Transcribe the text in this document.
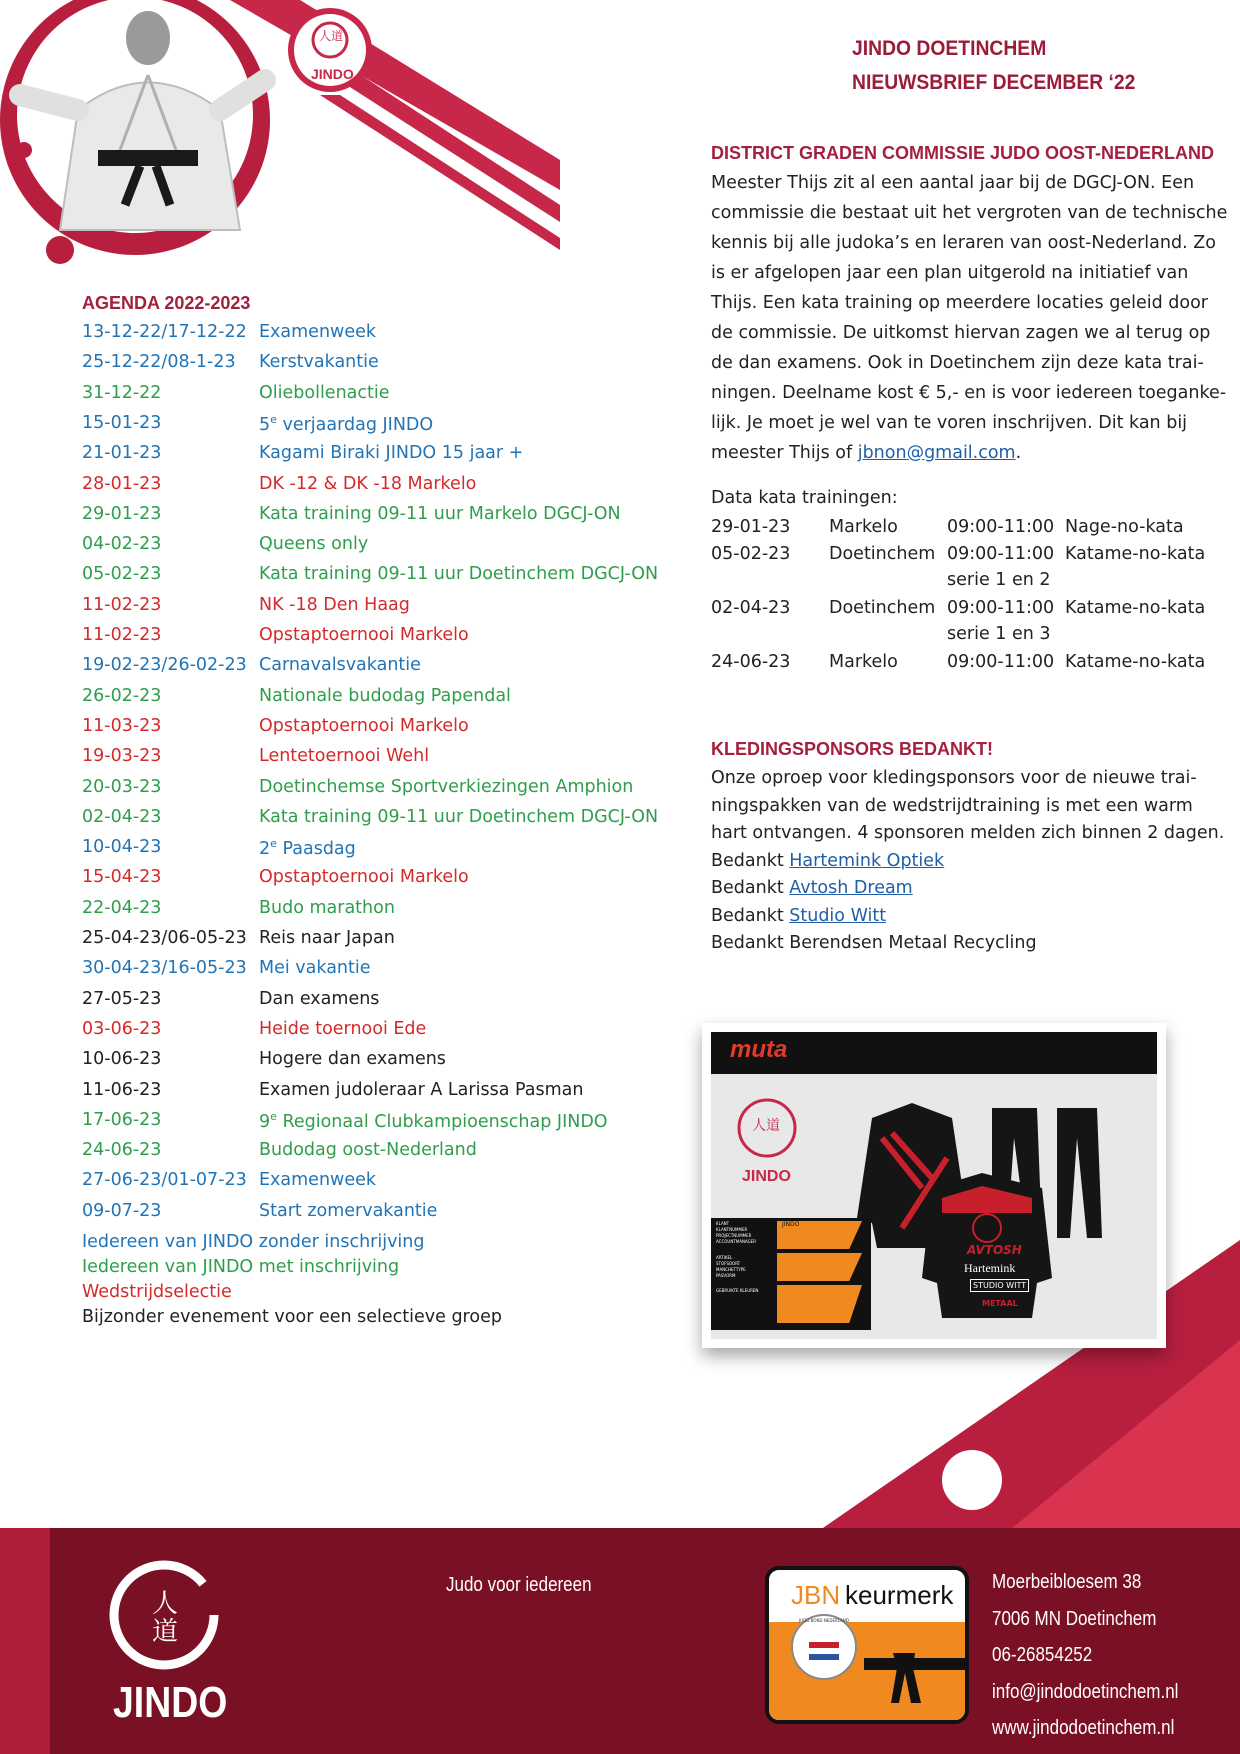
人道
JINDO
JINDO DOETINCHEM
NIEUWSBRIEF DECEMBER ‘22
AGENDA 2022-2023
13-12-22/17-12-22 Examenweek
25-12-22/08-1-23 Kerstvakantie
31-12-22	Oliebollenactie
15-01-23	5e verjaardag JINDO
21-01-23	Kagami Biraki JINDO 15 jaar +
28-01-23	DK -12 & DK -18 Markelo
29-01-23	Kata training 09-11 uur Markelo DGCJ-ON
04-02-23	Queens only
05-02-23	Kata training 09-11 uur Doetinchem DGCJ-ON
11-02-23	NK -18 Den Haag
11-02-23	Opstaptoernooi Markelo
19-02-23/26-02-23 Carnavalsvakantie
26-02-23	Nationale budodag Papendal
11-03-23	Opstaptoernooi Markelo
19-03-23	Lentetoernooi Wehl
20-03-23	Doetinchemse Sportverkiezingen Amphion
02-04-23	Kata training 09-11 uur Doetinchem DGCJ-ON
10-04-23	2e Paasdag
15-04-23	Opstaptoernooi Markelo
22-04-23	Budo marathon
25-04-23/06-05-23 Reis naar Japan
30-04-23/16-05-23 Mei vakantie
27-05-23	Dan examens
03-06-23	Heide toernooi Ede
10-06-23	Hogere dan examens
11-06-23	Examen judoleraar A Larissa Pasman
17-06-23	9e Regionaal Clubkampioenschap JINDO
24-06-23	Budodag oost-Nederland
27-06-23/01-07-23 Examenweek
09-07-23	Start zomervakantie
Iedereen van JINDO zonder inschrijving
Iedereen van JINDO met inschrijving
Wedstrijdselectie
Bijzonder evenement voor een selectieve groep
DISTRICT GRADEN COMMISSIE JUDO OOST-NEDERLAND
Meester Thijs zit al een aantal jaar bij de DGCJ-ON. Een
commissie die bestaat uit het vergroten van de technische
kennis bij alle judoka’s en leraren van oost-Nederland. Zo
is er afgelopen jaar een plan uitgerold na initiatief van
Thijs. Een kata training op meerdere locaties geleid door
de commissie. De uitkomst hiervan zagen we al terug op
de dan examens. Ook in Doetinchem zijn deze kata trai-
ningen. Deelname kost € 5,- en is voor iedereen toeganke-
lijk. Je moet je wel van te voren inschrijven. Dit kan bij
meester Thijs of jbnon@gmail.com.
Data kata trainingen:
29-01-23 Markelo	09:00-11:00 Nage-no-kata
05-02-23 Doetinchem 09:00-11:00 Katame-no-kata
serie 1 en 2
02-04-23 Doetinchem 09:00-11:00 Katame-no-kata
serie 1 en 3
24-06-23 Markelo	09:00-11:00 Katame-no-kata
KLEDINGSPONSORS BEDANKT!
Onze oproep voor kledingsponsors voor de nieuwe trai-
ningspakken van de wedstrijdtraining is met een warm
hart ontvangen. 4 sponsoren melden zich binnen 2 dagen.
Bedankt Hartemink Optiek
Bedankt Avtosh Dream
Bedankt Studio Witt
Bedankt Berendsen Metaal Recycling
muta
人道
JINDO
AVTOSH
Hartemink
STUDIO WITT
METAAL
KLANT
KLANTNUMMER
PROJECTNUMMER
ACCOUNTMANAGER
JINDO
ARTIKEL
STOFSOORT
MANCHETTYPE
PASVORM
GEBRUIKTE KLEUREN
人道
JINDO
Judo voor iedereen	JBN keurmerk
JUDO BOND NEDERLAND
Moerbeibloesem 38
7006 MN Doetinchem
06-26854252
info@jindodoetinchem.nl
www.jindodoetinchem.nl
